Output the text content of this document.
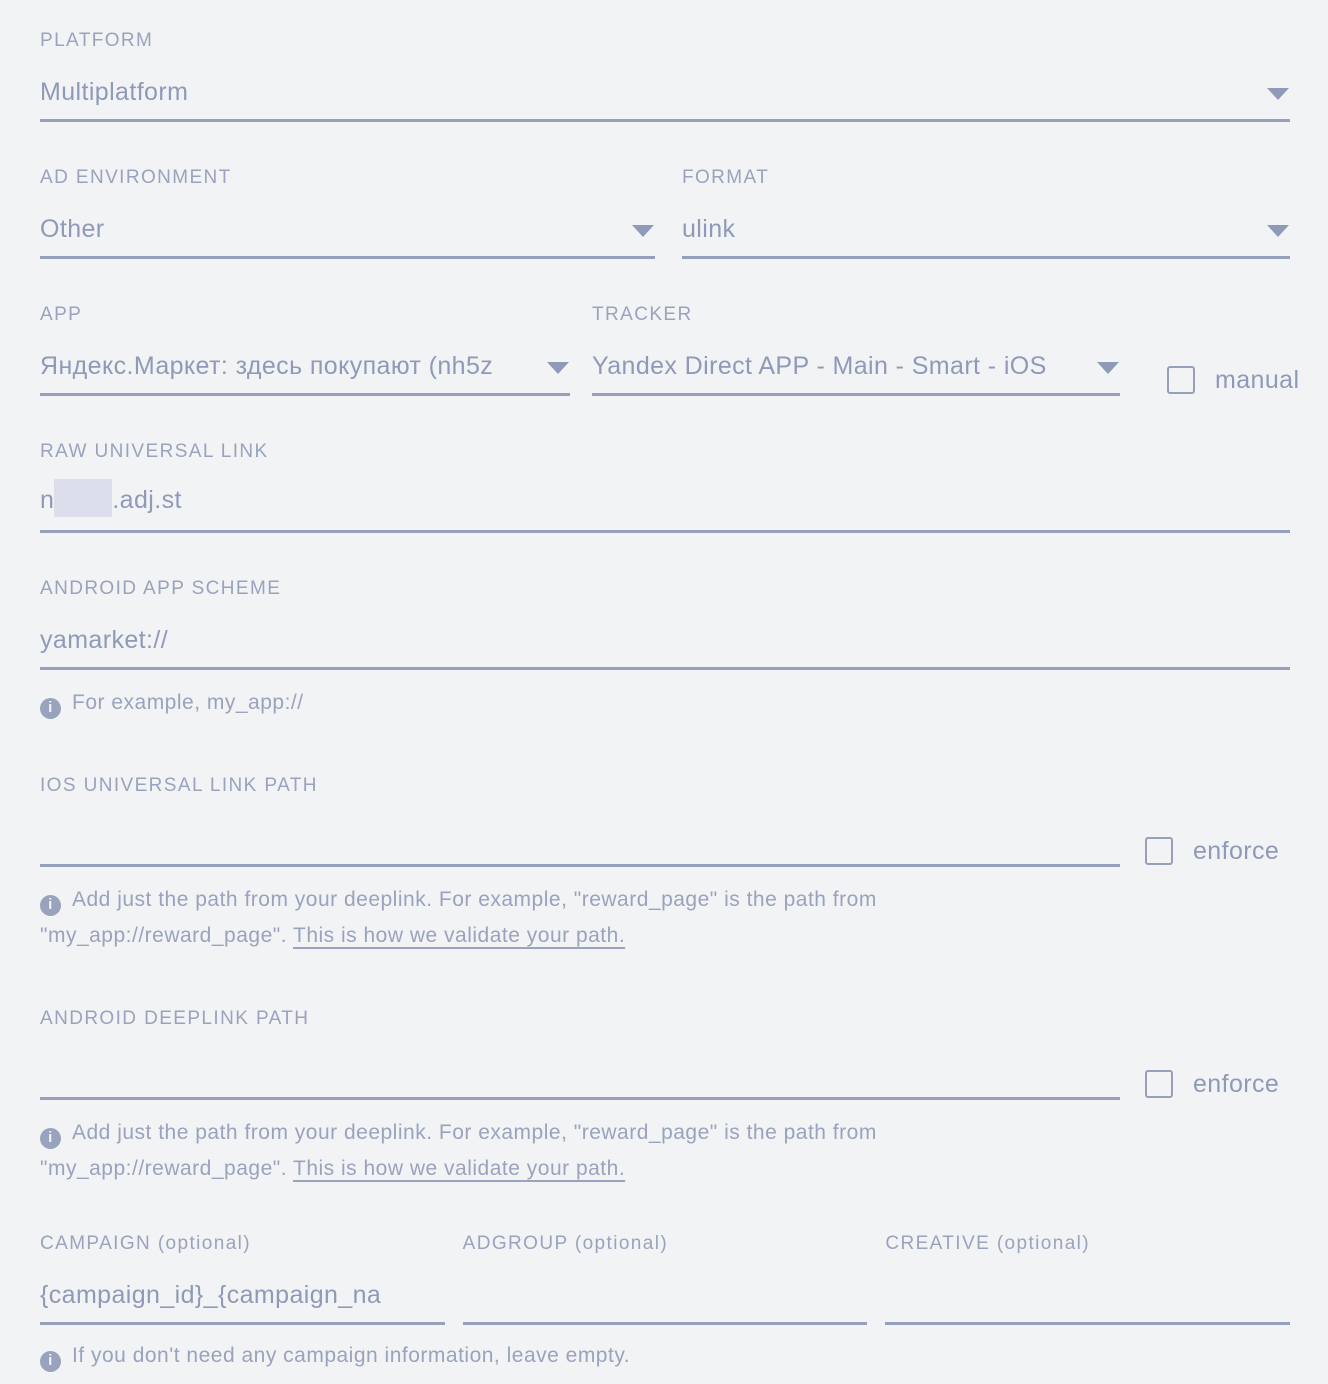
PLATFORM
Multiplatform
AD ENVIRONMENT
Other
FORMAT
ulink
APP
Яндекс.Маркет: здесь покупают (nh5z
TRACKER
Yandex Direct APP - Main - Smart - iOS	manual
RAW UNIVERSAL LINK
n .adj.st
ANDROID APP SCHEME
yamarket://

i For example, my_app://

IOS UNIVERSAL LINK PATH
enforce

i Add just the path from your deeplink. For example, "reward_page" is the path from
"my_app://reward_page". This is how we validate your path.

ANDROID DEEPLINK PATH
enforce

i Add just the path from your deeplink. For example, "reward_page" is the path from
"my_app://reward_page". This is how we validate your path.

CAMPAIGN (optional)
{campaign_id}_{campaign_na
ADGROUP (optional)	CREATIVE (optional)

i If you don't need any campaign information, leave empty.
